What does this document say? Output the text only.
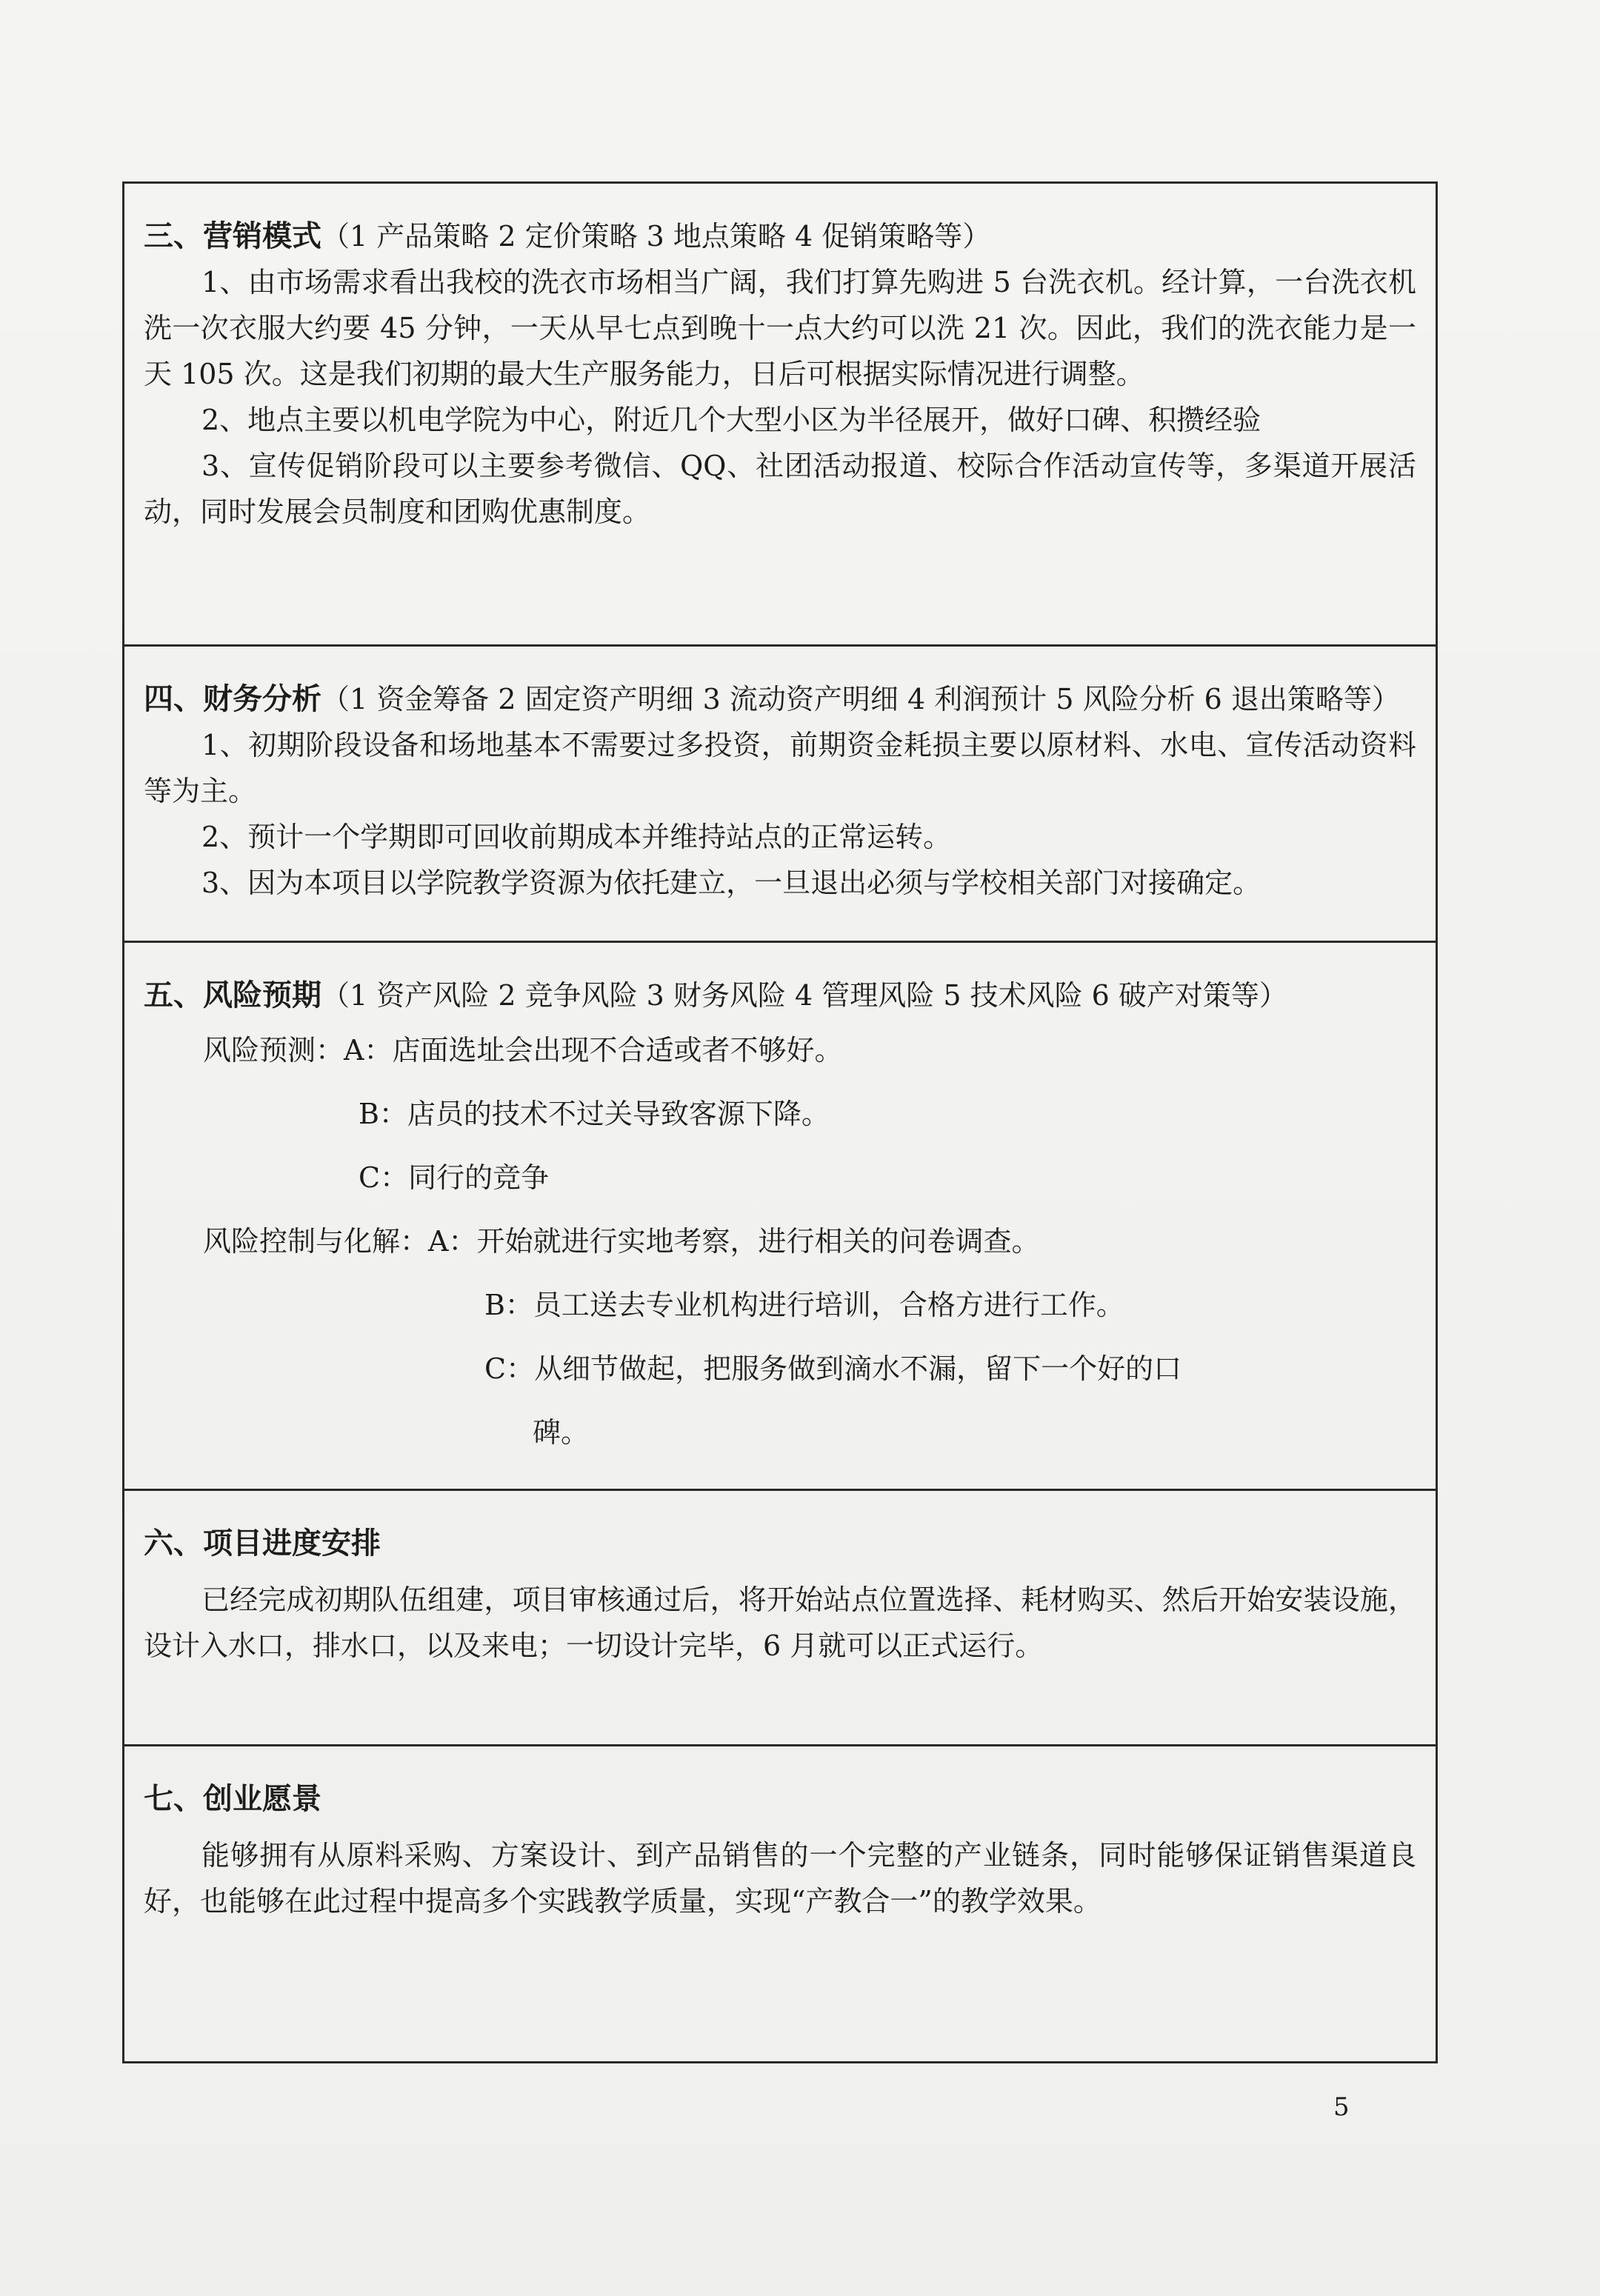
三、营销模式（1 产品策略 2 定价策略 3 地点策略 4 促销策略等）

1、由市场需求看出我校的洗衣市场相当广阔，我们打算先购进 5 台洗衣机。经计算，一台洗衣机洗一次衣服大约要 45 分钟，一天从早七点到晚十一点大约可以洗 21 次。因此，我们的洗衣能力是一天 105 次。这是我们初期的最大生产服务能力，日后可根据实际情况进行调整。

2、地点主要以机电学院为中心，附近几个大型小区为半径展开，做好口碑、积攒经验

3、宣传促销阶段可以主要参考微信、QQ、社团活动报道、校际合作活动宣传等，多渠道开展活动，同时发展会员制度和团购优惠制度。

四、财务分析（1 资金筹备 2 固定资产明细 3 流动资产明细 4 利润预计 5 风险分析 6 退出策略等）

1、初期阶段设备和场地基本不需要过多投资，前期资金耗损主要以原材料、水电、宣传活动资料等为主。

2、预计一个学期即可回收前期成本并维持站点的正常运转。

3、因为本项目以学院教学资源为依托建立，一旦退出必须与学校相关部门对接确定。

五、风险预期（1 资产风险 2 竞争风险 3 财务风险 4 管理风险 5 技术风险 6 破产对策等）

风险预测：A：店面选址会出现不合适或者不够好。

B：店员的技术不过关导致客源下降。

C：同行的竞争

风险控制与化解：A：开始就进行实地考察，进行相关的问卷调查。

B：员工送去专业机构进行培训，合格方进行工作。

C：从细节做起，把服务做到滴水不漏，留下一个好的口

碑。

六、项目进度安排

已经完成初期队伍组建，项目审核通过后，将开始站点位置选择、耗材购买、然后开始安装设施，设计入水口，排水口，以及来电；一切设计完毕，6 月就可以正式运行。

七、创业愿景

能够拥有从原料采购、方案设计、到产品销售的一个完整的产业链条，同时能够保证销售渠道良好，也能够在此过程中提高多个实践教学质量，实现“产教合一”的教学效果。

5
